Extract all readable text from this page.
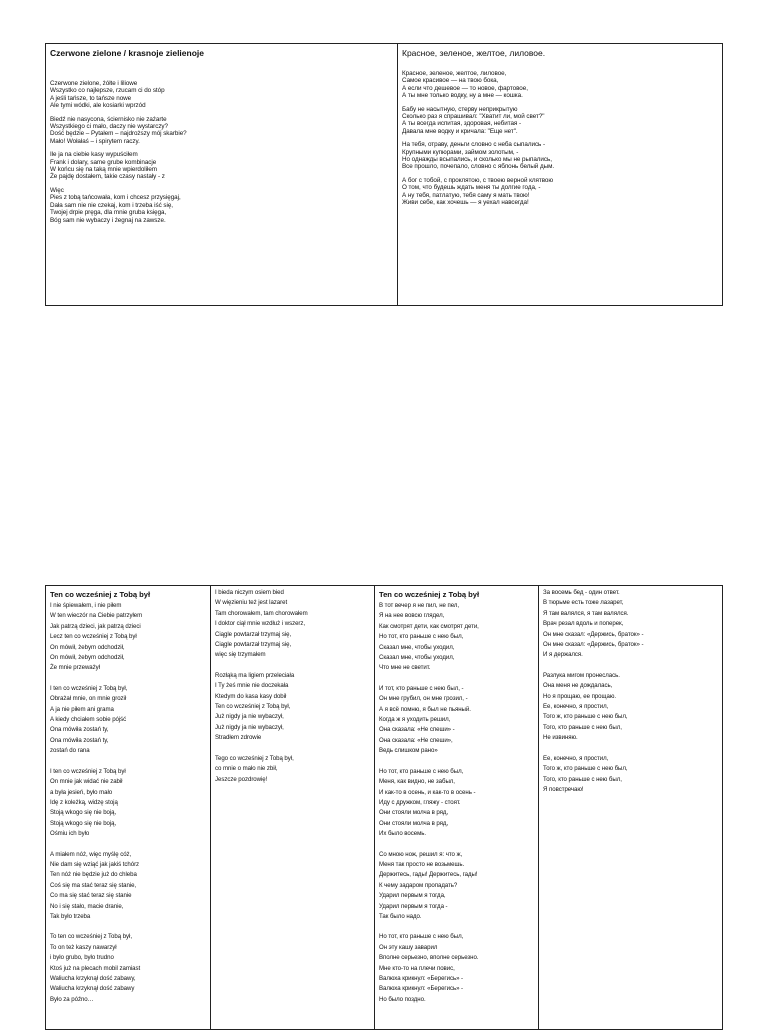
Czerwone zielone / krasnoje zielienoje
Czerwone zielone, żółte i liliowe
Wszystko co najlepsze, rzucam ci do stóp
A jeśli tańsze, to tańsze nowe
Ale tymi wódki, ale kosiarki wprzód
Biedź nie nasycona, ściernisko nie zażarte
Wszystkiego ci mało, daczy nie wystarczy?
Dość będzie – Pytałem – najdroższy mój skarbie?
Mało! Wołałaś – i spirytem raczy.
Ile ja na ciebie kasy wypuściłem
Frank i dolary, same grube kombinacje
W końcu się na taką mnie wpierdoliłem
Że pajdę dostałem, takie czasy nastały - z
Więc
Pies z tobą tańcowała, kom i chcesz przysięgaj,
Dała sam nie nie czekaj, kom i trzeba iść się,
Twojej drpie pręga, dla mnie gruba księga,
Bóg sam nie wybaczy i żegnaj na zawsze.
Красное, зеленое, желтое, лиловое.
Красное, зеленое, желтое, лиловое,
Самое красивое — на твою бока,
А если что дешевое — то новое, фартовое,
А ты мне только водку, ну а мне — кошка.
Бабу не насытную, стерву неприкрытую
Сколько раз я спрашивал: "Хватит ли, мой свет?"
А ты всегда испитая, здоровая, небитая -
Давала мне водку и кричала: "Еще нет".
На тебя, отраву, деньги словно с неба сыпались -
Крупными купюрами, займом золотым, -
Но однажды всыпались, и сколько мы не рыпались,
Все прошло, почепало, словно с яблонь белый дым.
А бог с тобой, с проклятою, с твоею верной клятвою
О том, что будешь ждать меня ты долгие года, -
А ну тебя, патлатую, тебя саму я мать твою!
Живи себе, как хочешь — я уехал навсегда!
Ten co wcześniej z Tobą był
I nie śpiewałem, i nie piłem
W ten wieczór na Ciebie patrzyłem
Jak patrzą dzieci, jak patrzą dzieci
Lecz ten co wcześniej z Tobą był
On mówił, żebym odchodził,
On mówił, żebym odchodził,
Że mnie przeważył
I ten co wcześniej z Tobą był,
Obrażał mnie, on mnie groził
A ja nie piłem ani grama
A kiedy chciałem sobie pójść
Ona mówiła zostań ty,
Ona mówiła zostań ty,
zostań do rana
I ten co wcześniej z Tobą był
On mnie jak widać nie zabił
a była jesień, było mało
Idę z koleżką, widzę stoją
Stoją wkogo się nie boją,
Stoją wkogo się nie boją,
Ośmiu ich było
A miałem nóż, więc myślę cóż,
Nie dam się wziąć jak jakiś tchórz
Ten nóż nie będzie już do chleba
Coś się ma stać teraz się stanie,
Co ma się stać teraz się stanie
No i się stało, macie dranie,
Tak było trzeba
To ten co wcześniej z Tobą był,
To on też kaszy nawarzył
i było grubo, było trudno
Ktoś już na plecach mobil zamiast
Waliucha krzyknął dość zabawy,
Waliucha krzyknął dość zabawy
Było za późno…
I bieda niczym osiem bied
W więzieniu też jest lazaret
Tam chorowałem, tam chorowałem
I doktor ciął mnie wzdłuż i wszerz,
Ciągle powtarzał trzymaj się,
Ciągle powtarzał trzymaj się,
więc się trzymałem
Rozłąką ma ligiem przeleciała
I Ty żeś mnie nie doczekała
Ktedym do kasa kasy dobił
Ten co wcześniej z Tobą był,
Już nigdy ja nie wybaczył,
Już nigdy ja nie wybaczył,
Stradłem zdrowie
Tego co wcześniej z Tobą był,
co mnie o mało nie zbił,
Jeszcze pozdrowię!
Ten co wcześniej z Tobą był
В тот вечер я не пил, не пел,
Я на нее вовсю глядел,
Как смотрят дети, как смотрят дети,
Но тот, кто раньше с нею был,
Сказал мне, чтобы уходил,
Сказал мне, чтобы уходил,
Что мне не светит.
И тот, кто раньше с нею был, -
Он мне грубил, он мне грозил, -
А я всё помню, я был не пьяный.
Когда ж я уходить решил,
Она сказала: «Не спеши» -
Она сказала: «Не спеши»,
Ведь слишком рано»
Но тот, кто раньше с нею был,
Меня, как видно, не забыл,
И как-то в осень, и как-то в осень -
Иду с дружком, гляжу - стоят.
Они стояли молча в ряд,
Они стояли молча в ряд,
Их было восемь.
Со мною нож, решил я: что ж,
Меня так просто не возьмешь.
Держитесь, гады! Держитесь, гады!
К чему задаром пропадать?
Ударил первым я тогда,
Ударил первым я тогда -
Так было надо.
Но тот, кто раньше с нею был,
Он эту кашу заварил
Вполне серьезно, вполне серьезно.
Мне кто-то на плечи повис,
Валюха крикнул: «Берегись» -
Валюха крикнул: «Берегись» -
Но было поздно.
За восемь бед - один ответ.
В тюрьме есть тоже лазарет,
Я там валялся, я там валялся.
Врач резал вдоль и поперек,
Он мне сказал: «Держись, браток» -
Он мне сказал: «Держись, браток» -
И я держался.
Разлука мигом пронеслась.
Она меня не дождалась,
Но я прощаю, ее прощаю.
Ее, конечно, я простил,
Того ж, кто раньше с нею был,
Того, кто раньше с нею был,
Не извиняю.
Ее, конечно, я простил,
Того ж, кто раньше с нею был,
Того, кто раньше с нею был,
Я повстречаю!
